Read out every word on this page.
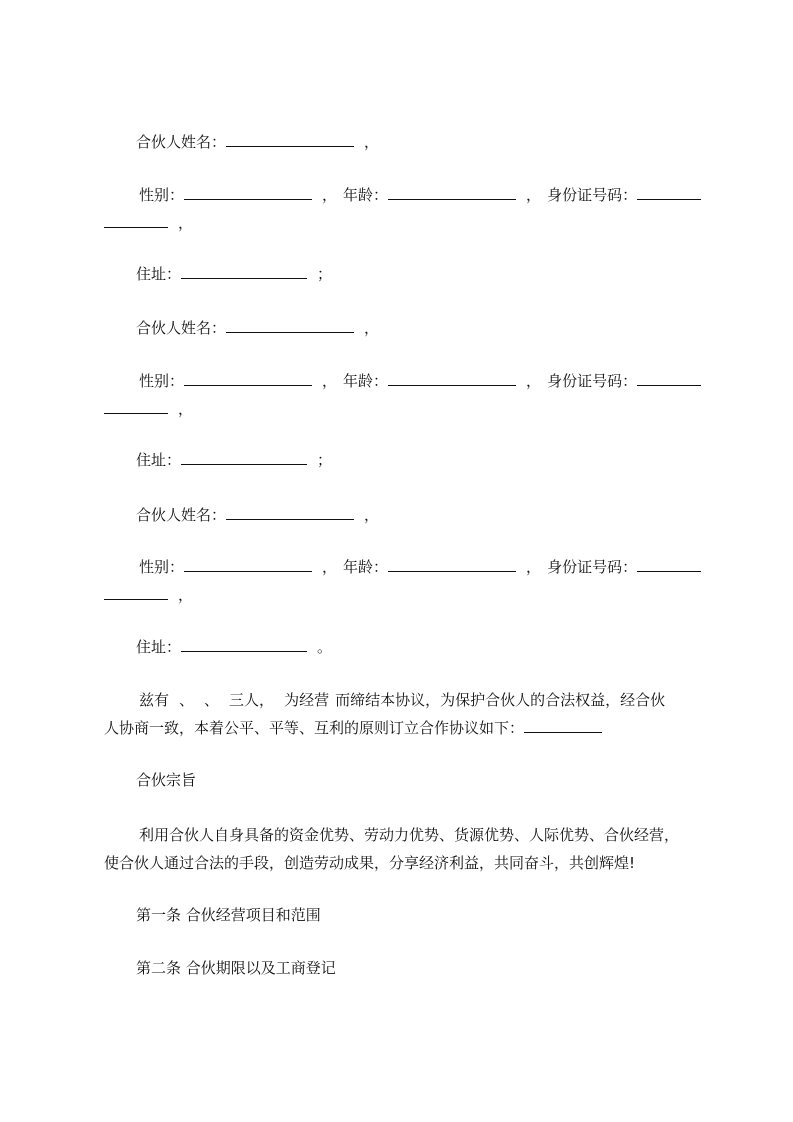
合伙人姓名：	，
性别：	， 年龄：	， 身份证号码：
，
住址：	；
合伙人姓名：	，
性别：	， 年龄：	， 身份证号码：
，
住址：	；
合伙人姓名：	，
性别：	， 年龄：	， 身份证号码：
，
住址：	。
兹有 、 、 三人， 为经营 而缔结本协议，为保护合伙人的合法权益，经合伙
人协商一致，本着公平、平等、互利的原则订立合作协议如下：
合伙宗旨
利用合伙人自身具备的资金优势、劳动力优势、货源优势、人际优势、合伙经营，
使合伙人通过合法的手段，创造劳动成果，分享经济利益，共同奋斗，共创辉煌!
第一条 合伙经营项目和范围
第二条 合伙期限以及工商登记
